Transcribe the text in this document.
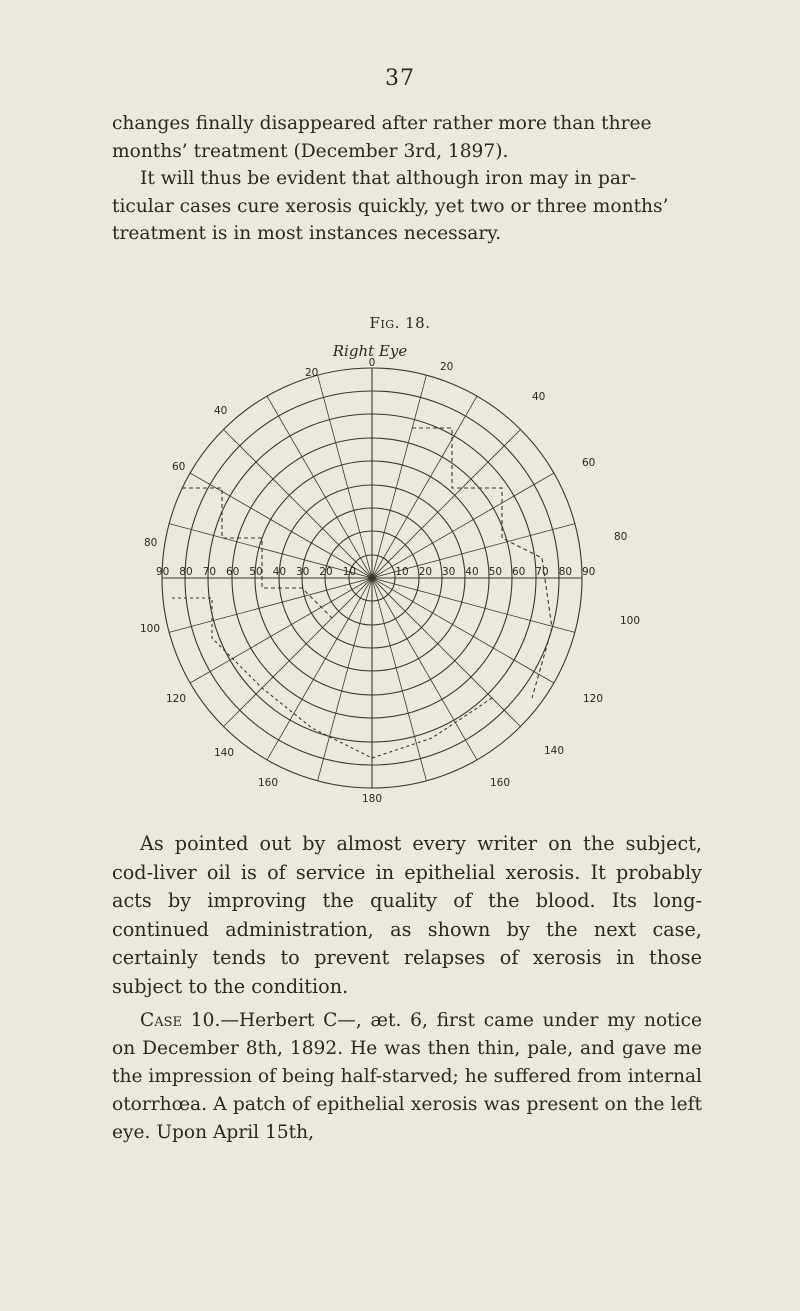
37

changes finally disappeared after rather more than three
months’ treatment (December 3rd, 1897).
It will thus be evident that although iron may in par-
ticular cases cure xerosis quickly, yet two or three months’
treatment is in most instances necessary.

Fig. 18.
Right Eye
90 80 70 60 50 40 30 20 10	10 20 30 40 50 60 70 80 90
0
180
20
40
60
80
20
40
60
80
100
120
140
160
100
120
140
160

As pointed out by almost every writer on the subject, cod-liver oil is of service in epithelial xerosis. It probably acts by improving the quality of the blood. Its long-continued administration, as shown by the next case, certainly tends to prevent relapses of xerosis in those subject to the condition.

Case 10.—Herbert C—, æt. 6, first came under my notice on December 8th, 1892. He was then thin, pale, and gave me the impression of being half-starved; he suffered from internal otorrhœa. A patch of epithelial xerosis was present on the left eye. Upon April 15th,
